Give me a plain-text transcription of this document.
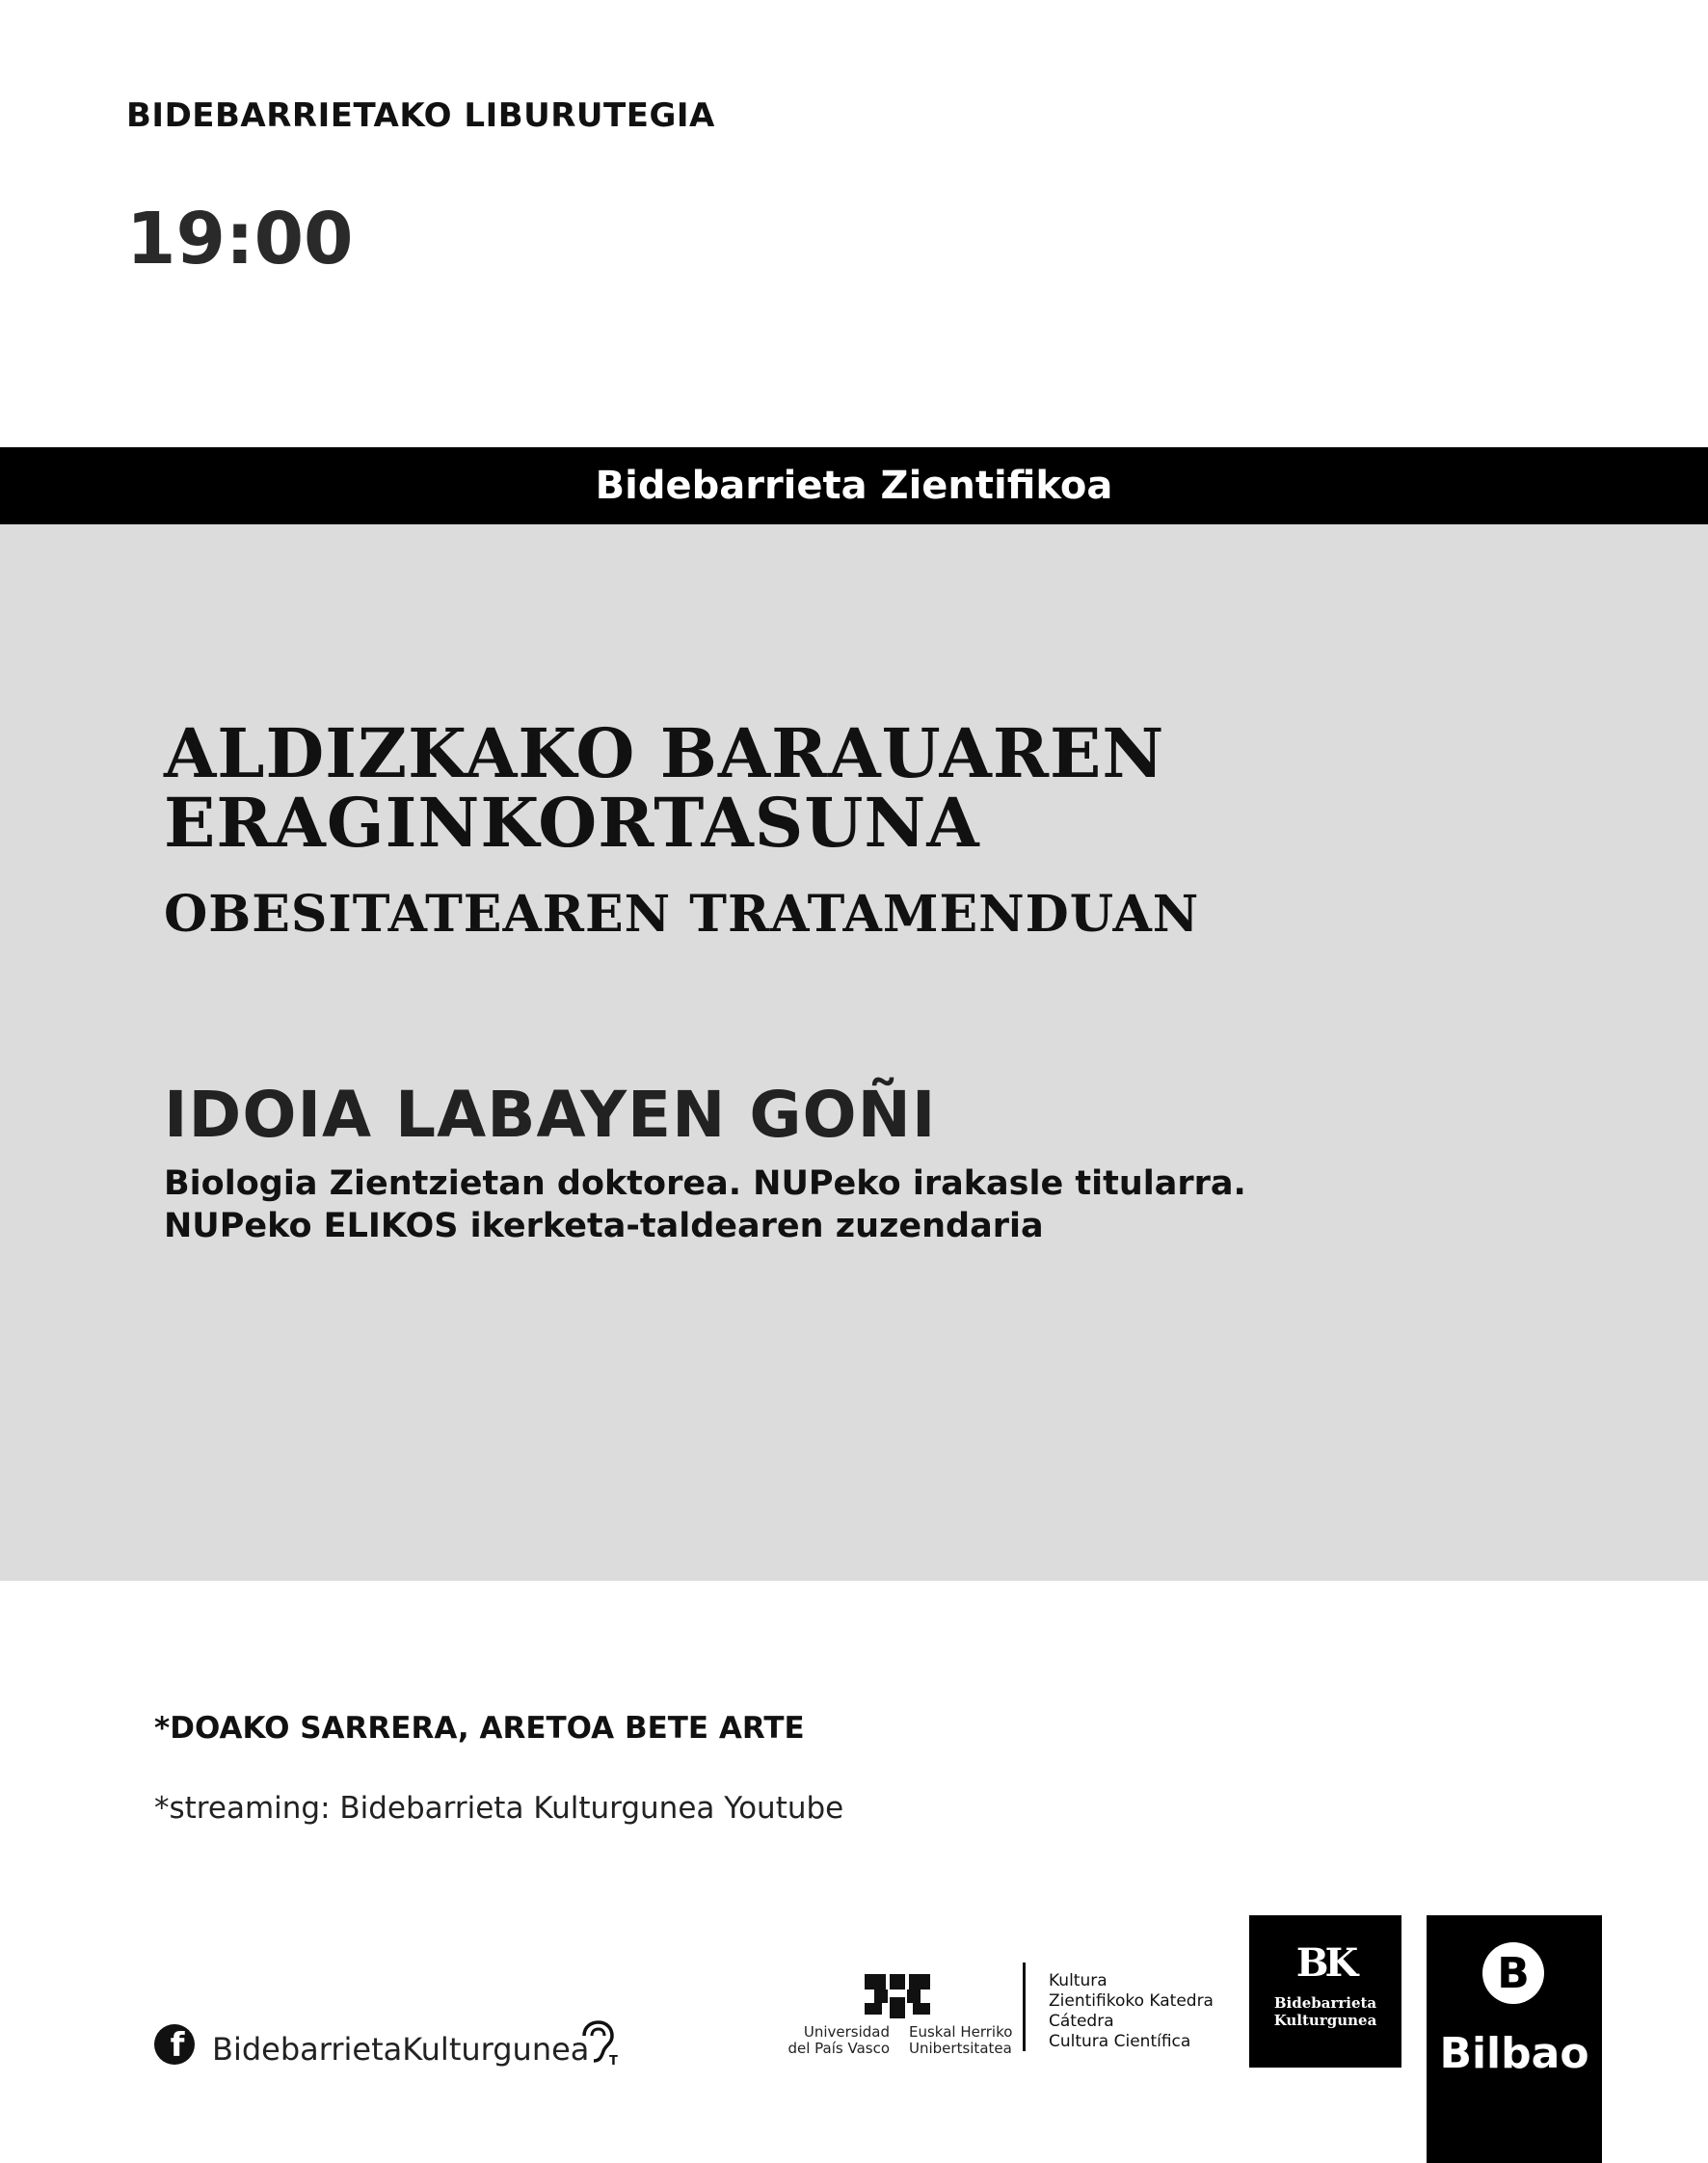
BIDEBARRIETAKO LIBURUTEGIA
19:00
Bidebarrieta Zientifikoa
ALDIZKAKO BARAUAREN
ERAGINKORTASUNA
OBESITATEAREN TRATAMENDUAN
IDOIA LABAYEN GOÑI
Biologia Zientzietan doktorea. NUPeko irakasle titularra.
NUPeko ELIKOS ikerketa-taldearen zuzendaria
*DOAKO SARRERA, ARETOA BETE ARTE
*streaming: Bidebarrieta Kulturgunea Youtube
f BidebarrietaKulturgunea T
Universidad
del País Vasco
Euskal Herriko
Unibertsitatea
Kultura
Zientifikoko Katedra
Cátedra
Cultura Científica
BK
Bidebarrieta
Kulturgunea
B
Bilbao
